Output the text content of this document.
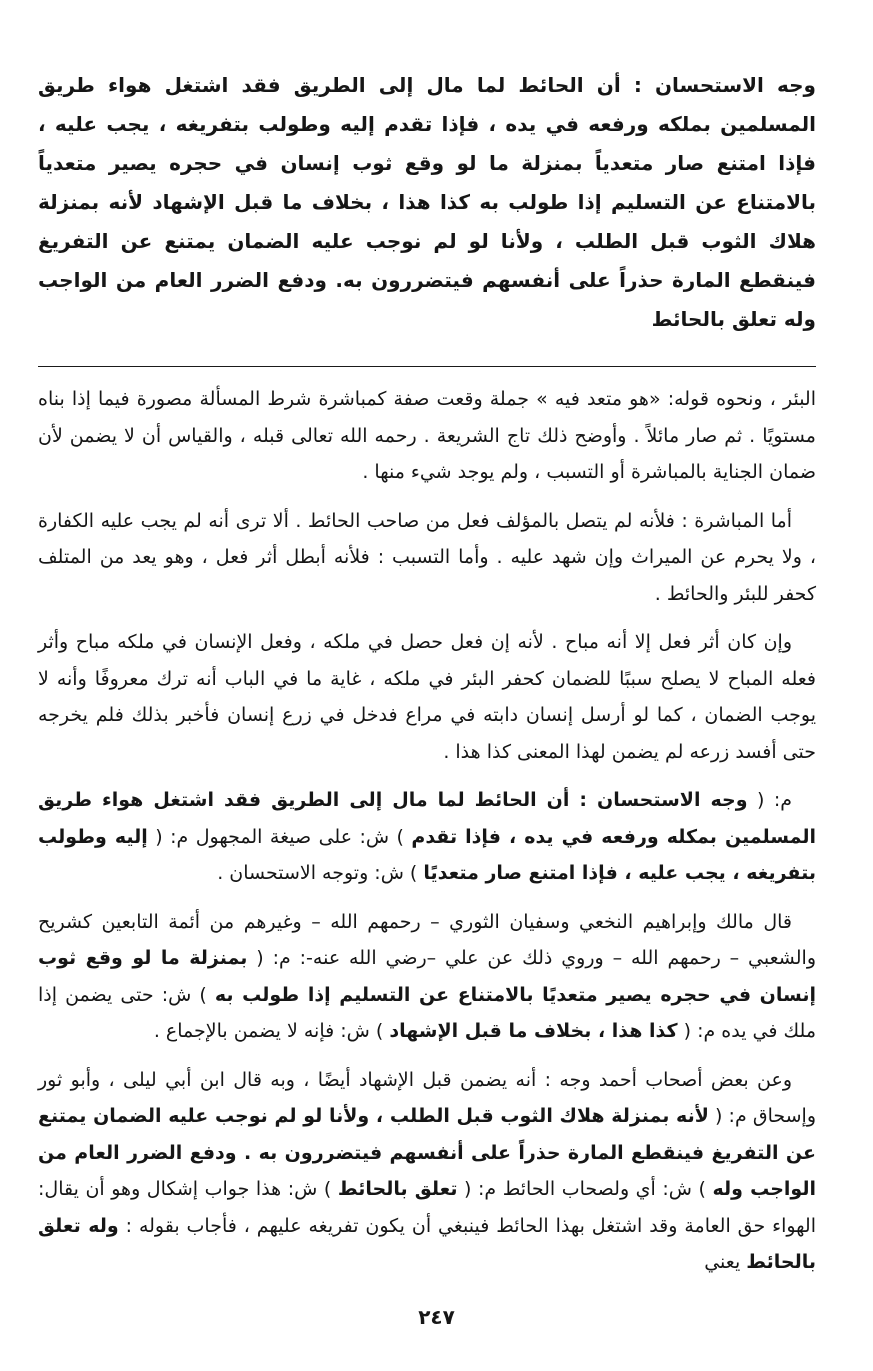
وجه الاستحسان : أن الحائط لما مال إلى الطريق فقد اشتغل هواء طريق المسلمين بملكه ورفعه في يده ، فإذا تقدم إليه وطولب بتفريغه ، يجب عليه ، فإذا امتنع صار متعدياً بمنزلة ما لو وقع ثوب إنسان في حجره يصير متعدياً بالامتناع عن التسليم إذا طولب به كذا هذا ، بخلاف ما قبل الإشهاد لأنه بمنزلة هلاك الثوب قبل الطلب ، ولأنا لو لم نوجب عليه الضمان يمتنع عن التفريغ فينقطع المارة حذراً على أنفسهم فيتضررون به. ودفع الضرر العام من الواجب وله تعلق بالحائط

البئر ، ونحوه قوله: «هو متعد فيه » جملة وقعت صفة كمباشرة شرط المسألة مصورة فيما إذا بناه مستويًا . ثم صار مائلاً . وأوضح ذلك تاج الشريعة . رحمه الله تعالى قبله ، والقياس أن لا يضمن لأن ضمان الجناية بالمباشرة أو التسبب ، ولم يوجد شيء منها .

أما المباشرة : فلأنه لم يتصل بالمؤلف فعل من صاحب الحائط . ألا ترى أنه لم يجب عليه الكفارة ، ولا يحرم عن الميراث وإن شهد عليه . وأما التسبب : فلأنه أبطل أثر فعل ، وهو يعد من المتلف كحفر للبئر والحائط .

وإن كان أثر فعل إلا أنه مباح . لأنه إن فعل حصل في ملكه ، وفعل الإنسان في ملكه مباح وأثر فعله المباح لا يصلح سببًا للضمان كحفر البئر في ملكه ، غاية ما في الباب أنه ترك معروفًا وأنه لا يوجب الضمان ، كما لو أرسل إنسان دابته في مراع فدخل في زرع إنسان فأخبر بذلك فلم يخرجه حتى أفسد زرعه لم يضمن لهذا المعنى كذا هذا .

م: ( وجه الاستحسان : أن الحائط لما مال إلى الطريق فقد اشتغل هواء طريق المسلمين بمكله ورفعه في يده ، فإذا تقدم ) ش: على صيغة المجهول م: ( إليه وطولب بتفريغه ، يجب عليه ، فإذا امتنع صار متعديًا ) ش: وتوجه الاستحسان .

قال مالك وإبراهيم النخعي وسفيان الثوري – رحمهم الله – وغيرهم من أئمة التابعين كشريح والشعبي – رحمهم الله – وروي ذلك عن علي –رضي الله عنه-: م: ( بمنزلة ما لو وقع ثوب إنسان في حجره يصير متعديًا بالامتناع عن التسليم إذا طولب به ) ش: حتى يضمن إذا ملك في يده م: ( كذا هذا ، بخلاف ما قبل الإشهاد ) ش: فإنه لا يضمن بالإجماع .

وعن بعض أصحاب أحمد وجه : أنه يضمن قبل الإشهاد أيضًا ، وبه قال ابن أبي ليلى ، وأبو ثور وإسحاق م: ( لأنه بمنزلة هلاك الثوب قبل الطلب ، ولأنا لو لم نوجب عليه الضمان يمتنع عن التفريغ فينقطع المارة حذراً على أنفسهم فيتضررون به . ودفع الضرر العام من الواجب وله ) ش: أي ولصحاب الحائط م: ( تعلق بالحائط ) ش: هذا جواب إشكال وهو أن يقال: الهواء حق العامة وقد اشتغل بهذا الحائط فينبغي أن يكون تفريغه عليهم ، فأجاب بقوله : وله تعلق بالحائط يعني

٢٤٧
